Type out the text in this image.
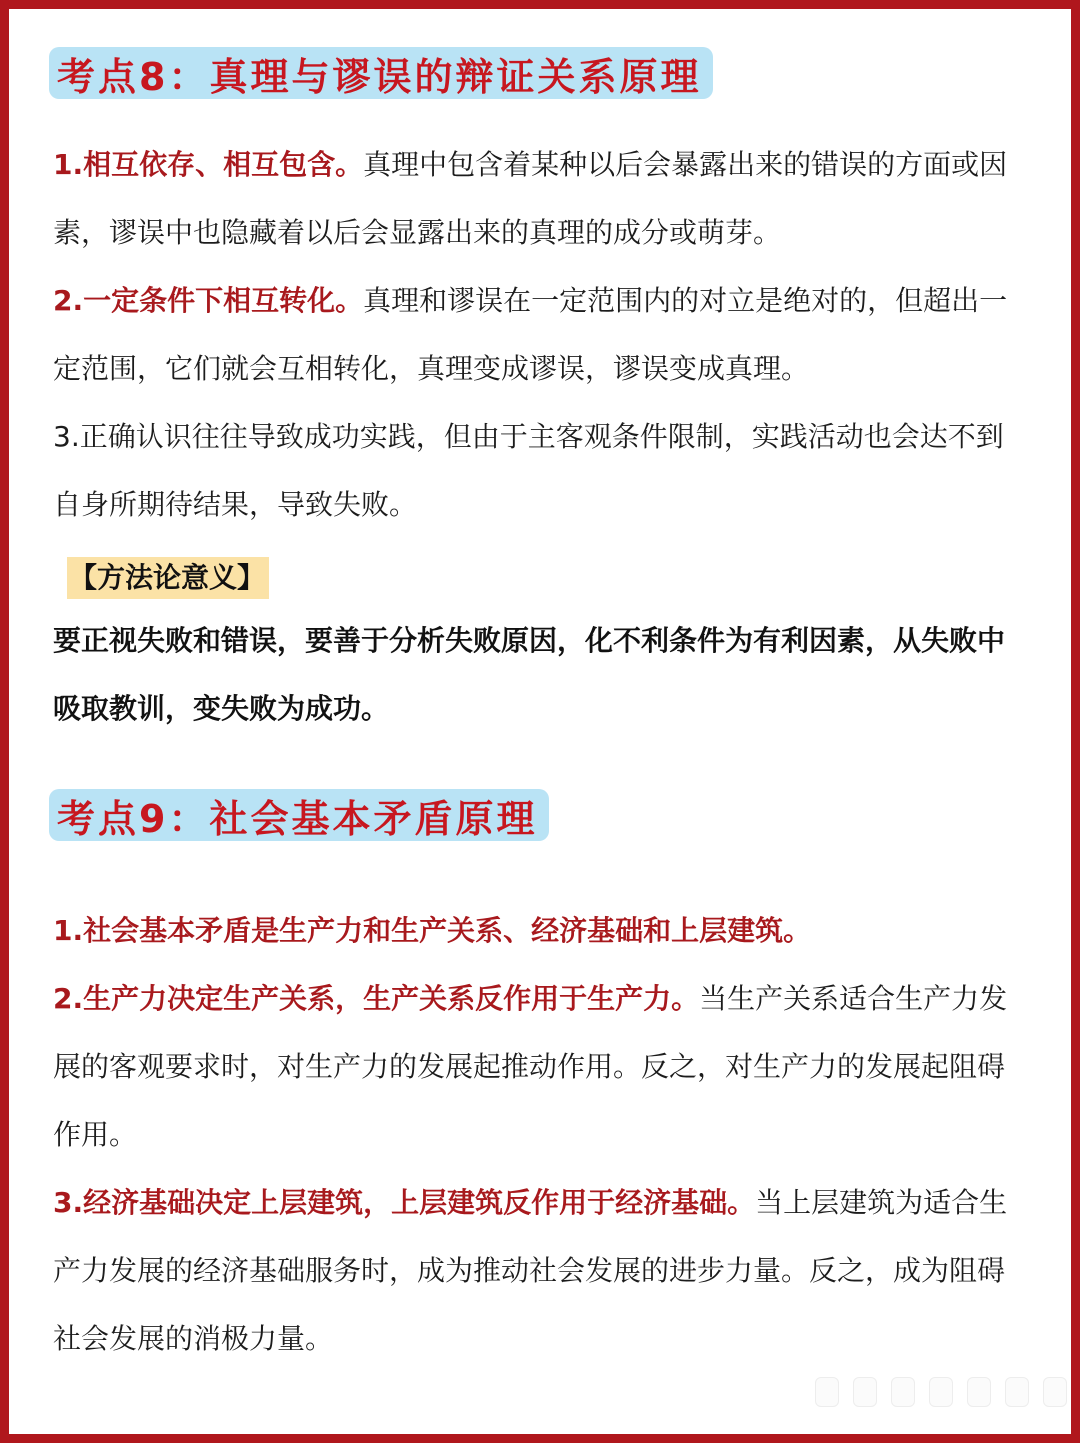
考点8：真理与谬误的辩证关系原理

1.相互依存、相互包含。真理中包含着某种以后会暴露出来的错误的方面或因素，谬误中也隐藏着以后会显露出来的真理的成分或萌芽。

2.一定条件下相互转化。真理和谬误在一定范围内的对立是绝对的，但超出一定范围，它们就会互相转化，真理变成谬误，谬误变成真理。

3.正确认识往往导致成功实践，但由于主客观条件限制，实践活动也会达不到自身所期待结果，导致失败。

【方法论意义】

要正视失败和错误，要善于分析失败原因，化不利条件为有利因素，从失败中吸取教训，变失败为成功。

考点9：社会基本矛盾原理

1.社会基本矛盾是生产力和生产关系、经济基础和上层建筑。

2.生产力决定生产关系，生产关系反作用于生产力。当生产关系适合生产力发展的客观要求时，对生产力的发展起推动作用。反之，对生产力的发展起阻碍作用。

3.经济基础决定上层建筑，上层建筑反作用于经济基础。当上层建筑为适合生产力发展的经济基础服务时，成为推动社会发展的进步力量。反之，成为阻碍社会发展的消极力量。
